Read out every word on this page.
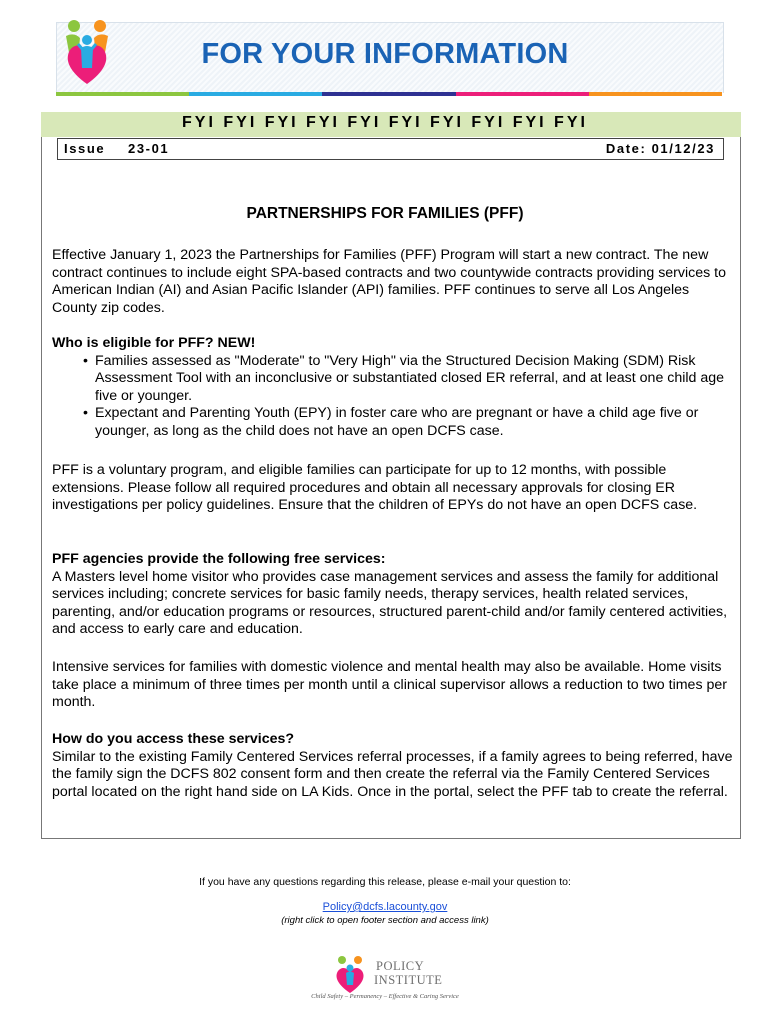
FOR YOUR INFORMATION
FYI FYI FYI FYI FYI FYI FYI FYI FYI FYI
Issue 23-01	Date: 01/12/23
PARTNERSHIPS FOR FAMILIES (PFF)

Effective January 1, 2023 the Partnerships for Families (PFF) Program will start a new contract. The new contract continues to include eight SPA-based contracts and two countywide contracts providing services to American Indian (AI) and Asian Pacific Islander (API) families. PFF continues to serve all Los Angeles County zip codes.

Who is eligible for PFF? NEW!

• Families assessed as "Moderate" to "Very High" via the Structured Decision Making (SDM) Risk Assessment Tool with an inconclusive or substantiated closed ER referral, and at least one child age five or younger.
• Expectant and Parenting Youth (EPY) in foster care who are pregnant or have a child age five or younger, as long as the child does not have an open DCFS case.

PFF is a voluntary program, and eligible families can participate for up to 12 months, with possible extensions. Please follow all required procedures and obtain all necessary approvals for closing ER investigations per policy guidelines. Ensure that the children of EPYs do not have an open DCFS case.

PFF agencies provide the following free services:

A Masters level home visitor who provides case management services and assess the family for additional services including; concrete services for basic family needs, therapy services, health related services, parenting, and/or education programs or resources, structured parent-child and/or family centered activities, and access to early care and education.

Intensive services for families with domestic violence and mental health may also be available. Home visits take place a minimum of three times per month until a clinical supervisor allows a reduction to two times per month.

How do you access these services?

Similar to the existing Family Centered Services referral processes, if a family agrees to being referred, have the family sign the DCFS 802 consent form and then create the referral via the Family Centered Services portal located on the right hand side on LA Kids. Once in the portal, select the PFF tab to create the referral.

If you have any questions regarding this release, please e-mail your question to:
Policy@dcfs.lacounty.gov
(right click to open footer section and access link)
POLICY
INSTITUTE
Child Safety – Permanency – Effective & Caring Service
